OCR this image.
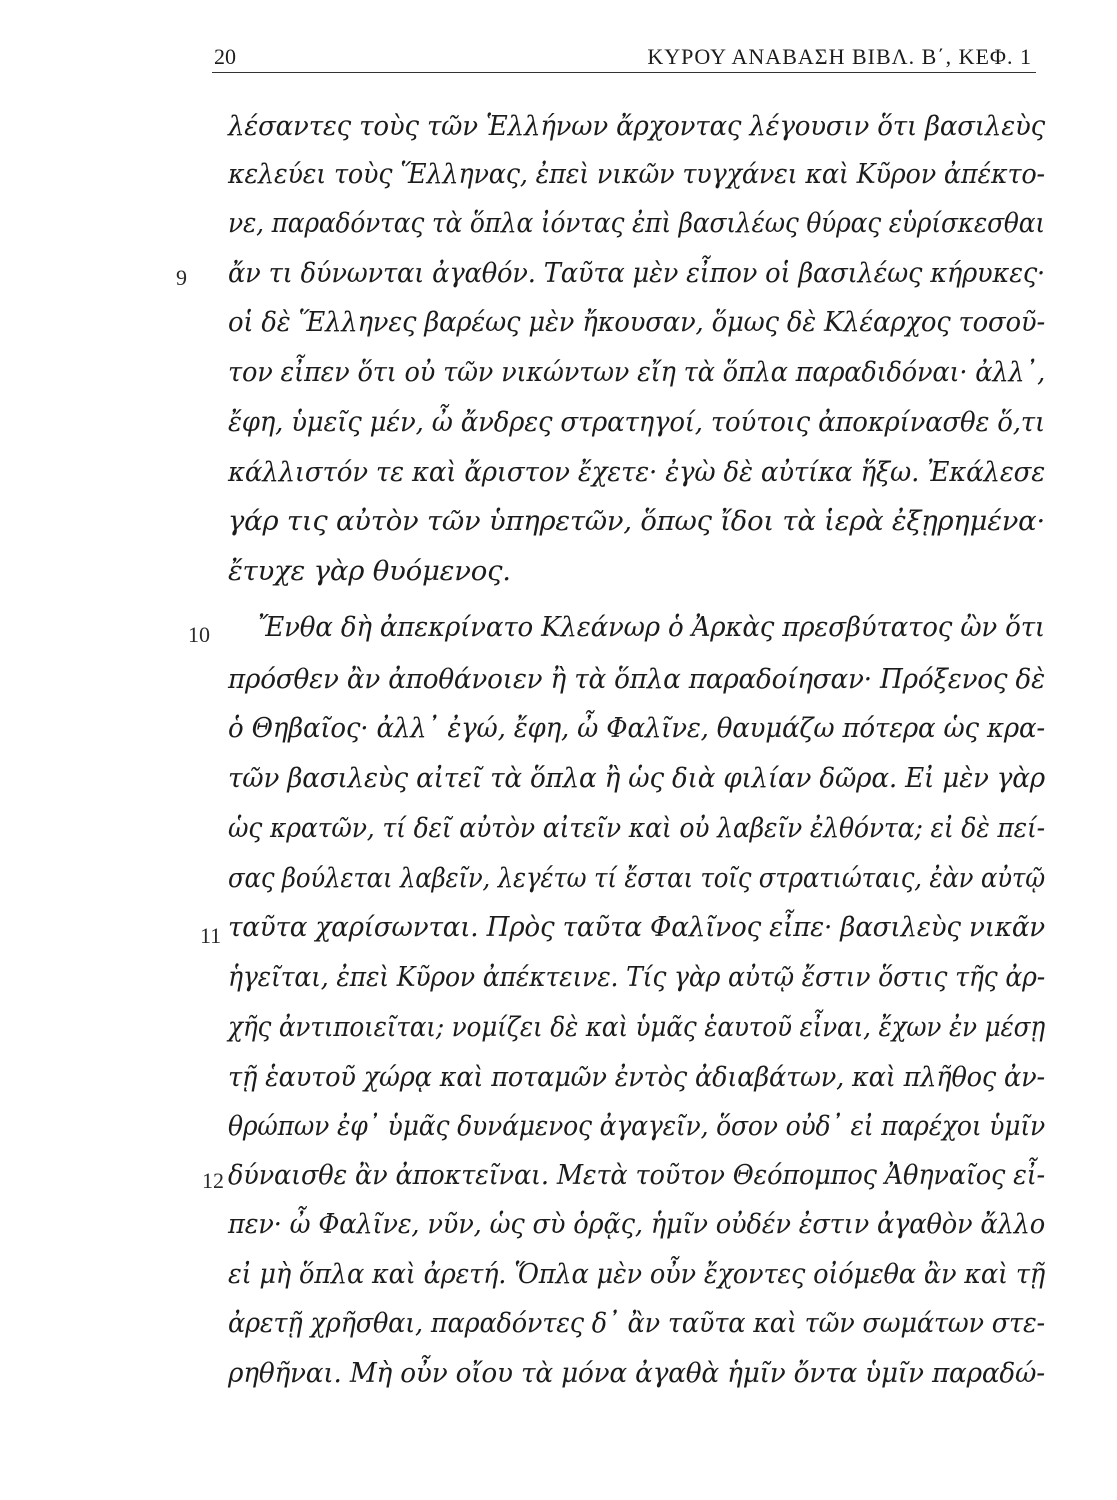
20	ΚΥΡΟΥ ΑΝΑΒΑΣΗ ΒΙΒΛ. Β΄, ΚΕΦ. 1
9
10
11
12
λέσαντες τοὺς τῶν Ἑλλήνων ἄρχοντας λέγουσιν ὅτι βασιλεὺς
κελεύει τοὺς Ἕλληνας, ἐπεὶ νικῶν τυγχάνει καὶ Κῦρον ἀπέκτο-
νε, παραδόντας τὰ ὅπλα ἰόντας ἐπὶ βασιλέως θύρας εὑρίσκεσθαι
ἄν τι δύνωνται ἀγαθόν. Ταῦτα μὲν εἶπον οἱ βασιλέως κήρυκες·
οἱ δὲ Ἕλληνες βαρέως μὲν ἤκουσαν, ὅμως δὲ Κλέαρχος τοσοῦ-
τον εἶπεν ὅτι οὐ τῶν νικώντων εἴη τὰ ὅπλα παραδιδόναι· ἀλλ᾽,
ἔφη, ὑμεῖς μέν, ὦ ἄνδρες στρατηγοί, τούτοις ἀποκρίνασθε ὅ,τι
κάλλιστόν τε καὶ ἄριστον ἔχετε· ἐγὼ δὲ αὐτίκα ἥξω. Ἐκάλεσε
γάρ τις αὐτὸν τῶν ὑπηρετῶν, ὅπως ἴδοι τὰ ἱερὰ ἐξῃρημένα·
ἔτυχε γὰρ θυόμενος.
Ἔνθα δὴ ἀπεκρίνατο Κλεάνωρ ὁ Ἀρκὰς πρεσβύτατος ὢν ὅτι
πρόσθεν ἂν ἀποθάνοιεν ἢ τὰ ὅπλα παραδοίησαν· Πρόξενος δὲ
ὁ Θηβαῖος· ἀλλ᾽ ἐγώ, ἔφη, ὦ Φαλῖνε, θαυμάζω πότερα ὡς κρα-
τῶν βασιλεὺς αἰτεῖ τὰ ὅπλα ἢ ὡς διὰ φιλίαν δῶρα. Εἰ μὲν γὰρ
ὡς κρατῶν, τί δεῖ αὐτὸν αἰτεῖν καὶ οὐ λαβεῖν ἐλθόντα; εἰ δὲ πεί-
σας βούλεται λαβεῖν, λεγέτω τί ἔσται τοῖς στρατιώταις, ἐὰν αὐτῷ
ταῦτα χαρίσωνται. Πρὸς ταῦτα Φαλῖνος εἶπε· βασιλεὺς νικᾶν
ἡγεῖται, ἐπεὶ Κῦρον ἀπέκτεινε. Τίς γὰρ αὐτῷ ἔστιν ὅστις τῆς ἀρ-
χῆς ἀντιποιεῖται; νομίζει δὲ καὶ ὑμᾶς ἑαυτοῦ εἶναι, ἔχων ἐν μέσῃ
τῇ ἑαυτοῦ χώρᾳ καὶ ποταμῶν ἐντὸς ἀδιαβάτων, καὶ πλῆθος ἀν-
θρώπων ἐφ᾽ ὑμᾶς δυνάμενος ἀγαγεῖν, ὅσον οὐδ᾽ εἰ παρέχοι ὑμῖν
δύναισθε ἂν ἀποκτεῖναι. Μετὰ τοῦτον Θεόπομπος Ἀθηναῖος εἶ-
πεν· ὦ Φαλῖνε, νῦν, ὡς σὺ ὁρᾷς, ἡμῖν οὐδέν ἐστιν ἀγαθὸν ἄλλο
εἰ μὴ ὅπλα καὶ ἀρετή. Ὅπλα μὲν οὖν ἔχοντες οἰόμεθα ἂν καὶ τῇ
ἀρετῇ χρῆσθαι, παραδόντες δ᾽ ἂν ταῦτα καὶ τῶν σωμάτων στε-
ρηθῆναι. Μὴ οὖν οἴου τὰ μόνα ἀγαθὰ ἡμῖν ὄντα ὑμῖν παραδώ-
